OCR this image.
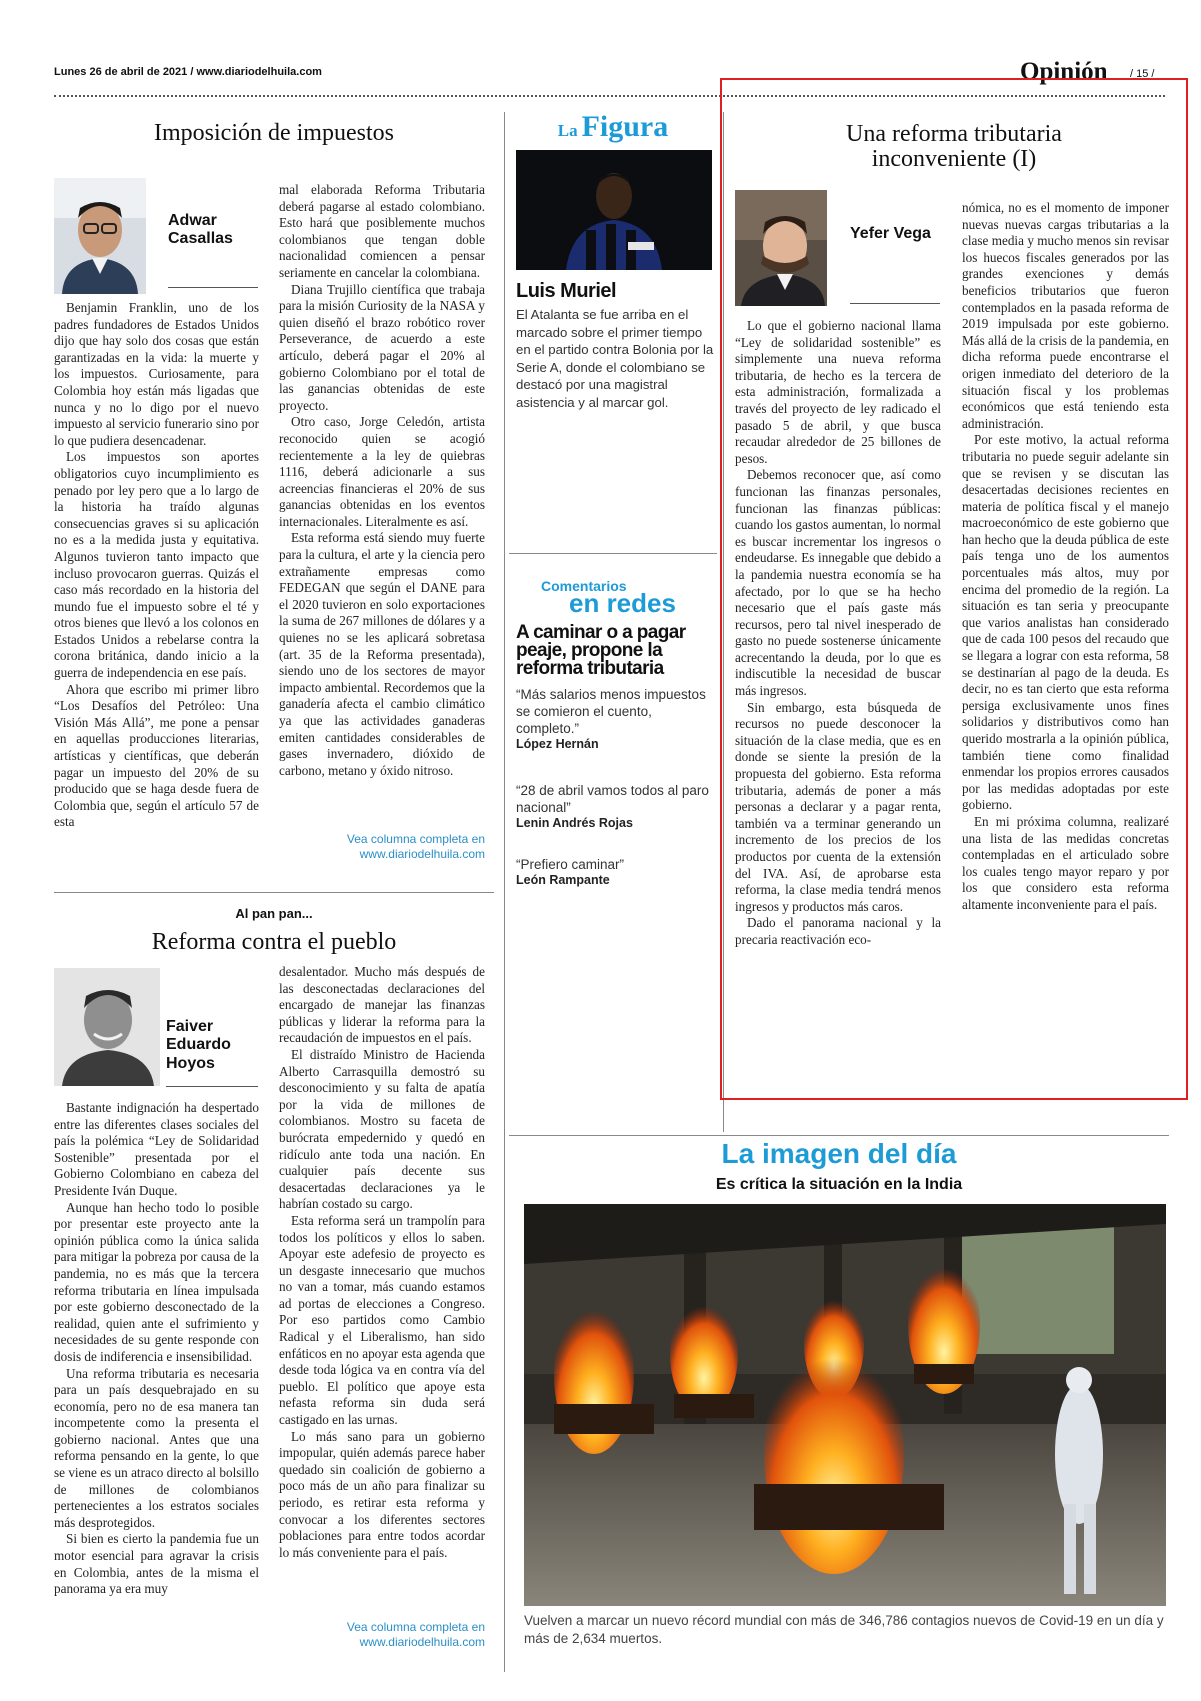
Lunes 26 de abril de 2021 / www.diariodelhuila.com	Opinión / 15 /
Imposición de impuestos
Adwar Casallas

Benjamin Franklin, uno de los padres fundadores de Estados Unidos dijo que hay solo dos cosas que están garantizadas en la vida: la muerte y los impuestos. Curiosamente, para Colombia hoy están más ligadas que nunca y no lo digo por el nuevo impuesto al servicio funerario sino por lo que pudiera desencadenar.

Los impuestos son aportes obligatorios cuyo incumplimiento es penado por ley pero que a lo largo de la historia ha traído algunas consecuencias graves si su aplicación no es a la medida justa y equitativa. Algunos tuvieron tanto impacto que incluso provocaron guerras. Quizás el caso más recordado en la historia del mundo fue el impuesto sobre el té y otros bienes que llevó a los colonos en Estados Unidos a rebelarse contra la corona británica, dando inicio a la guerra de independencia en ese país.

Ahora que escribo mi primer libro “Los Desafíos del Petróleo: Una Visión Más Allá”, me pone a pensar en aquellas producciones literarias, artísticas y científicas, que deberán pagar un impuesto del 20% de su producido que se haga desde fuera de Colombia que, según el artículo 57 de esta

mal elaborada Reforma Tributaria deberá pagarse al estado colombiano. Esto hará que posiblemente muchos colombianos que tengan doble nacionalidad comiencen a pensar seriamente en cancelar la colombiana.

Diana Trujillo científica que trabaja para la misión Curiosity de la NASA y quien diseñó el brazo robótico rover Perseverance, de acuerdo a este artículo, deberá pagar el 20% al gobierno Colombiano por el total de las ganancias obtenidas de este proyecto.

Otro caso, Jorge Celedón, artista reconocido quien se acogió recientemente a la ley de quiebras 1116, deberá adicionarle a sus acreencias financieras el 20% de sus ganancias obtenidas en los eventos internacionales. Literalmente es así.

Esta reforma está siendo muy fuerte para la cultura, el arte y la ciencia pero extrañamente empresas como FEDEGAN que según el DANE para el 2020 tuvieron en solo exportaciones la suma de 267 millones de dólares y a quienes no se les aplicará sobretasa (art. 35 de la Reforma presentada), siendo uno de los sectores de mayor impacto ambiental. Recordemos que la ganadería afecta el cambio climático ya que las actividades ganaderas emiten cantidades considerables de gases invernadero, dióxido de carbono, metano y óxido nitroso.

Vea columna completa en
www.diariodelhuila.com
La Figura
Luis Muriel
El Atalanta se fue arriba en el marcado sobre el primer tiempo en el partido contra Bolonia por la Serie A, donde el colombiano se destacó por una magistral asistencia y al marcar gol.
Comentarios
en redes
A caminar o a pagar peaje, propone la reforma tributaria
“Más salarios menos impuestos se comieron el cuento, completo.”
López Hernán
“28 de abril vamos todos al paro nacional”
Lenin Andrés Rojas
“Prefiero caminar”
León Rampante
Una reforma tributaria
inconveniente (I)
Yefer Vega

Lo que el gobierno nacional llama “Ley de solidaridad sostenible” es simplemente una nueva reforma tributaria, de hecho es la tercera de esta administración, formalizada a través del proyecto de ley radicado el pasado 5 de abril, y que busca recaudar alrededor de 25 billones de pesos.

Debemos reconocer que, así como funcionan las finanzas personales, funcionan las finanzas públicas: cuando los gastos aumentan, lo normal es buscar incrementar los ingresos o endeudarse. Es innegable que debido a la pandemia nuestra economía se ha afectado, por lo que se ha hecho necesario que el país gaste más recursos, pero tal nivel inesperado de gasto no puede sostenerse únicamente acrecentando la deuda, por lo que es indiscutible la necesidad de buscar más ingresos.

Sin embargo, esta búsqueda de recursos no puede desconocer la situación de la clase media, que es en donde se siente la presión de la propuesta del gobierno. Esta reforma tributaria, además de poner a más personas a declarar y a pagar renta, también va a terminar generando un incremento de los precios de los productos por cuenta de la extensión del IVA. Así, de aprobarse esta reforma, la clase media tendrá menos ingresos y productos más caros.

Dado el panorama nacional y la precaria reactivación eco-

nómica, no es el momento de imponer nuevas nuevas cargas tributarias a la clase media y mucho menos sin revisar los huecos fiscales generados por las grandes exenciones y demás beneficios tributarios que fueron contemplados en la pasada reforma de 2019 impulsada por este gobierno. Más allá de la crisis de la pandemia, en dicha reforma puede encontrarse el origen inmediato del deterioro de la situación fiscal y los problemas económicos que está teniendo esta administración.

Por este motivo, la actual reforma tributaria no puede seguir adelante sin que se revisen y se discutan las desacertadas decisiones recientes en materia de política fiscal y el manejo macroeconómico de este gobierno que han hecho que la deuda pública de este país tenga uno de los aumentos porcentuales más altos, muy por encima del promedio de la región. La situación es tan seria y preocupante que varios analistas han considerado que de cada 100 pesos del recaudo que se llegara a lograr con esta reforma, 58 se destinarían al pago de la deuda. Es decir, no es tan cierto que esta reforma persiga exclusivamente unos fines solidarios y distributivos como han querido mostrarla a la opinión pública, también tiene como finalidad enmendar los propios errores causados por las medidas adoptadas por este gobierno.

En mi próxima columna, realizaré una lista de las medidas concretas contempladas en el articulado sobre los cuales tengo mayor reparo y por los que considero esta reforma altamente inconveniente para el país.

Al pan pan...
Reforma contra el pueblo
Faiver
Eduardo
Hoyos

Bastante indignación ha despertado entre las diferentes clases sociales del país la polémica “Ley de Solidaridad Sostenible” presentada por el Gobierno Colombiano en cabeza del Presidente Iván Duque.

Aunque han hecho todo lo posible por presentar este proyecto ante la opinión pública como la única salida para mitigar la pobreza por causa de la pandemia, no es más que la tercera reforma tributaria en línea impulsada por este gobierno desconectado de la realidad, quien ante el sufrimiento y necesidades de su gente responde con dosis de indiferencia e insensibilidad.

Una reforma tributaria es necesaria para un país desquebrajado en su economía, pero no de esa manera tan incompetente como la presenta el gobierno nacional. Antes que una reforma pensando en la gente, lo que se viene es un atraco directo al bolsillo de millones de colombianos pertenecientes a los estratos sociales más desprotegidos.

Si bien es cierto la pandemia fue un motor esencial para agravar la crisis en Colombia, antes de la misma el panorama ya era muy

desalentador. Mucho más después de las desconectadas declaraciones del encargado de manejar las finanzas públicas y liderar la reforma para la recaudación de impuestos en el país.

El distraído Ministro de Hacienda Alberto Carrasquilla demostró su desconocimiento y su falta de apatía por la vida de millones de colombianos. Mostro su faceta de burócrata empedernido y quedó en ridículo ante toda una nación. En cualquier país decente sus desacertadas declaraciones ya le habrían costado su cargo.

Esta reforma será un trampolín para todos los políticos y ellos lo saben. Apoyar este adefesio de proyecto es un desgaste innecesario que muchos no van a tomar, más cuando estamos ad portas de elecciones a Congreso. Por eso partidos como Cambio Radical y el Liberalismo, han sido enfáticos en no apoyar esta agenda que desde toda lógica va en contra vía del pueblo. El político que apoye esta nefasta reforma sin duda será castigado en las urnas.

Lo más sano para un gobierno impopular, quién además parece haber quedado sin coalición de gobierno a poco más de un año para finalizar su periodo, es retirar esta reforma y convocar a los diferentes sectores poblaciones para entre todos acordar lo más conveniente para el país.

Vea columna completa en
www.diariodelhuila.com
La imagen del día
Es crítica la situación en la India
Vuelven a marcar un nuevo récord mundial con más de 346,786 contagios nuevos de Covid-19 en un día y más de 2,634 muertos.
